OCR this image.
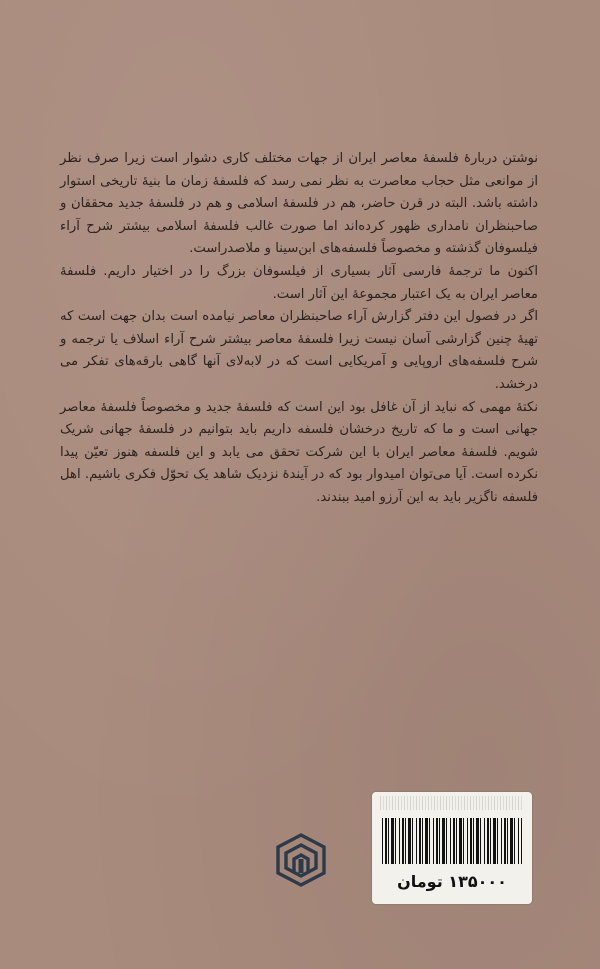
نوشتن دربارهٔ فلسفهٔ معاصر ایران از جهات مختلف کاری دشوار است زیرا صرف نظر از موانعی مثل حجاب معاصرت به نظر نمی رسد که فلسفهٔ زمان ما بنیهٔ تاریخی استوار داشته باشد. البته در قرن حاضر، هم در فلسفهٔ اسلامی و هم در فلسفهٔ جدید محققان و صاحبنظران نامداری ظهور کرده‌اند اما صورت غالب فلسفهٔ اسلامی بیشتر شرح آراء فیلسوفان گذشته و مخصوصاً فلسفه‌های ابن‌سینا و ملاصدراست.

اکنون ما ترجمهٔ فارسی آثار بسیاری از فیلسوفان بزرگ را در اختیار داریم. فلسفهٔ معاصر ایران به یک اعتبار مجموعهٔ این آثار است.

اگر در فصول این دفتر گزارش آراء صاحبنظران معاصر نیامده است بدان جهت است که تهیهٔ چنین گزارشی آسان نیست زیرا فلسفهٔ معاصر بیشتر شرح آراء اسلاف یا ترجمه و شرح فلسفه‌های اروپایی و آمریکایی است که در لابه‌لای آنها گاهی بارقه‌های تفکر می درخشد.

نکتهٔ مهمی که نباید از آن غافل بود این است که فلسفهٔ جدید و مخصوصاً فلسفهٔ معاصر جهانی است و ما که تاریخ درخشان فلسفه داریم باید بتوانیم در فلسفهٔ جهانی شریک شویم. فلسفهٔ معاصر ایران با این شرکت تحقق می یابد و این فلسفه هنوز تعیّن پیدا نکرده است. آیا می‌توان امیدوار بود که در آیندهٔ نزدیک شاهد یک تحوّل فکری باشیم. اهل فلسفه ناگزیر باید به این آرزو امید ببندند.

۱۳۵۰۰۰ تومان
